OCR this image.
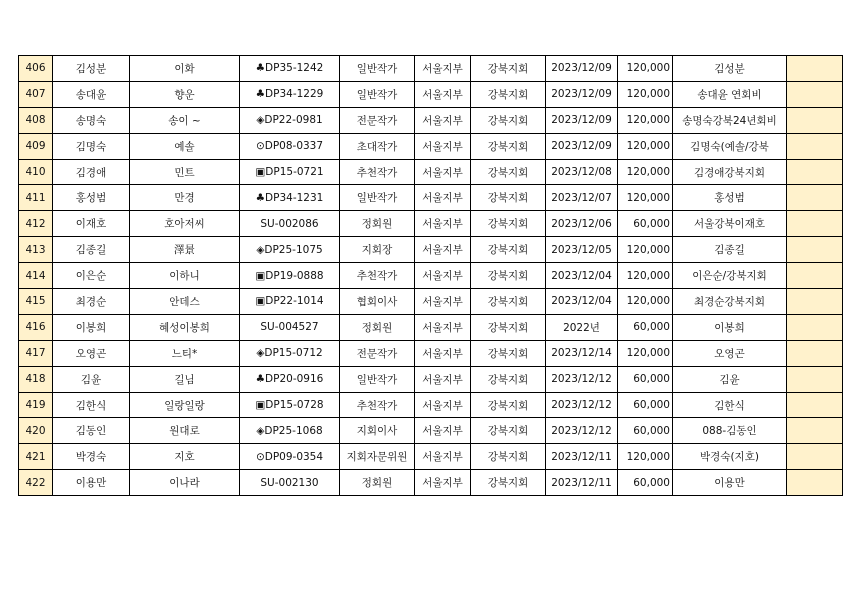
406	김성분	이화	♣DP35-1242	일반작가	서울지부	강북지회	2023/12/09	120,000	김성분	
407	송대윤	향운	♣DP34-1229	일반작가	서울지부	강북지회	2023/12/09	120,000	송대윤 연회비	
408	송명숙	송이 ~	◈DP22-0981	전문작가	서울지부	강북지회	2023/12/09	120,000	송명숙강북24년회비	
409	김명숙	예솔	⊙DP08-0337	초대작가	서울지부	강북지회	2023/12/09	120,000	김명숙(예솔/강북	
410	김경애	민트	▣DP15-0721	추천작가	서울지부	강북지회	2023/12/08	120,000	김경애강북지회	
411	홍성범	만경	♣DP34-1231	일반작가	서울지부	강북지회	2023/12/07	120,000	홍성범	
412	이재호	호아저씨	SU-002086	정회원	서울지부	강북지회	2023/12/06	60,000	서울강북이재호	
413	김종길	澤景	◈DP25-1075	지회장	서울지부	강북지회	2023/12/05	120,000	김종길	
414	이은순	이하니	▣DP19-0888	추천작가	서울지부	강북지회	2023/12/04	120,000	이은순/강북지회	
415	최경순	안데스	▣DP22-1014	협회이사	서울지부	강북지회	2023/12/04	120,000	최경순강북지회	
416	이봉희	혜성이봉희	SU-004527	정회원	서울지부	강북지회	2022년	60,000	이봉희	
417	오영곤	느티*	◈DP15-0712	전문작가	서울지부	강북지회	2023/12/14	120,000	오영곤	
418	김윤	길님	♣DP20-0916	일반작가	서울지부	강북지회	2023/12/12	60,000	김윤	
419	김한식	일랑일랑	▣DP15-0728	추천작가	서울지부	강북지회	2023/12/12	60,000	김한식	
420	김동인	원대로	◈DP25-1068	지회이사	서울지부	강북지회	2023/12/12	60,000	088-김동인	
421	박경숙	지호	⊙DP09-0354	지회자문위원	서울지부	강북지회	2023/12/11	120,000	박경숙(지호)	
422	이용만	이나라	SU-002130	정회원	서울지부	강북지회	2023/12/11	60,000	이용만	
